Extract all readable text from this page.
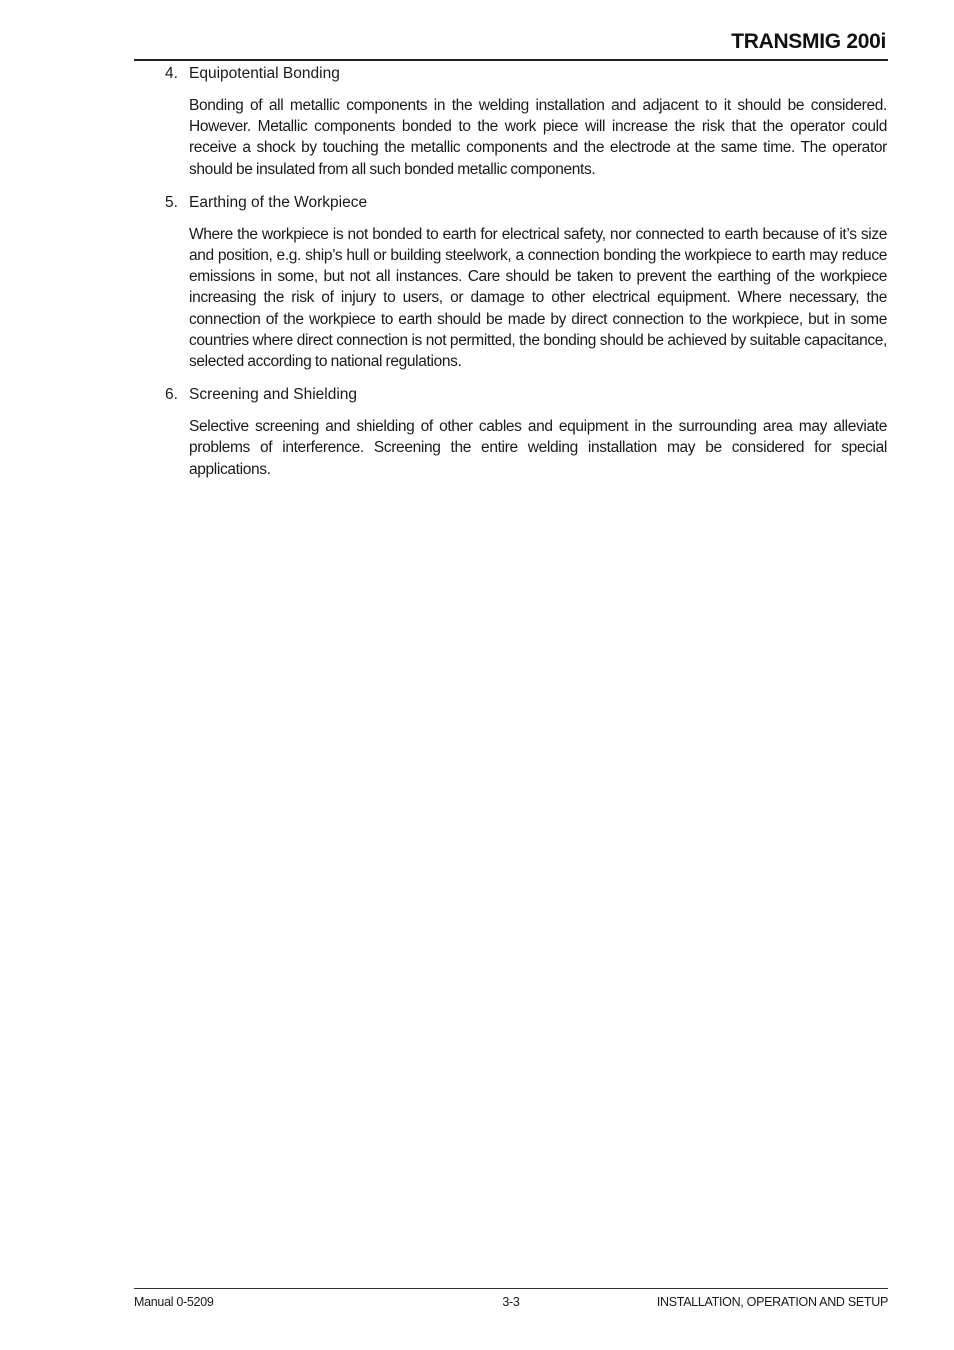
TRANSMIG 200i
4. Equipotential Bonding

Bonding of all metallic components in the welding installation and adjacent to it should be considered. However. Metallic components bonded to the work piece will increase the risk that the operator could receive a shock by touching the metallic components and the electrode at the same time. The operator should be insulated from all such bonded metallic components.

5. Earthing of the Workpiece

Where the workpiece is not bonded to earth for electrical safety, nor connected to earth because of it’s size and position, e.g. ship’s hull or building steelwork, a connection bonding the workpiece to earth may reduce emissions in some, but not all instances. Care should be taken to prevent the earthing of the workpiece increasing the risk of injury to users, or damage to other electrical equipment. Where necessary, the connection of the workpiece to earth should be made by direct connection to the workpiece, but in some countries where direct connection is not permitted, the bonding should be achieved by suitable capacitance, selected according to national regulations.

6. Screening and Shielding

Selective screening and shielding of other cables and equipment in the surrounding area may alleviate problems of interference. Screening the entire welding installation may be considered for special applications.

Manual 0-5209	3-3	INSTALLATION, OPERATION AND SETUP
